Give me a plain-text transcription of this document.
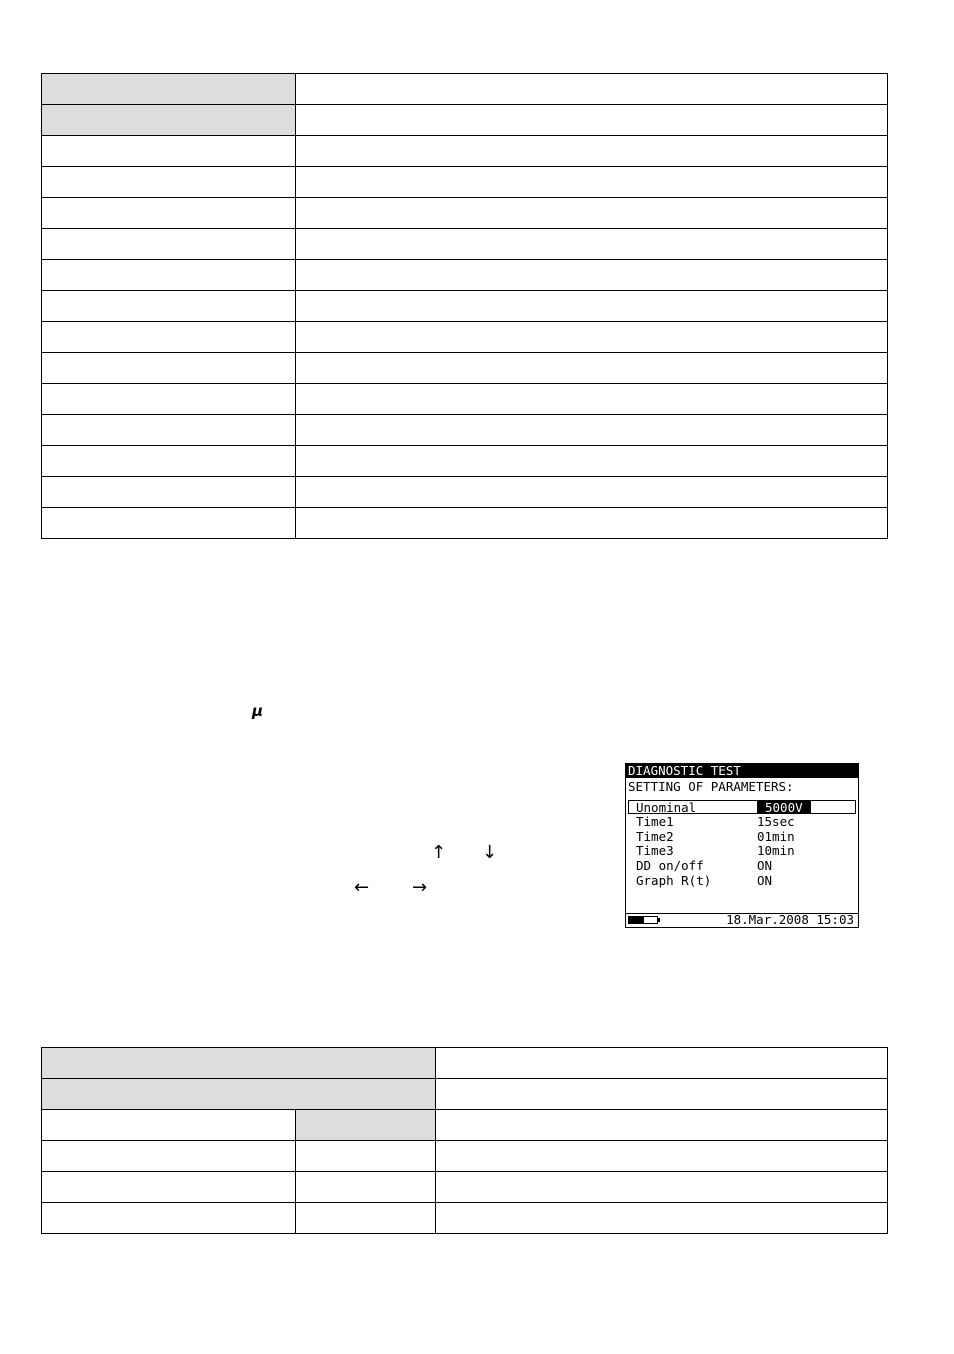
μ
↑ ↓
← →
DIAGNOSTIC TEST
SETTING OF PARAMETERS:
Unominal	5000V
Time1	15sec
Time2	01min
Time3	10min
DD on/off	ON
Graph R(t)	ON
18.Mar.2008 15:03
